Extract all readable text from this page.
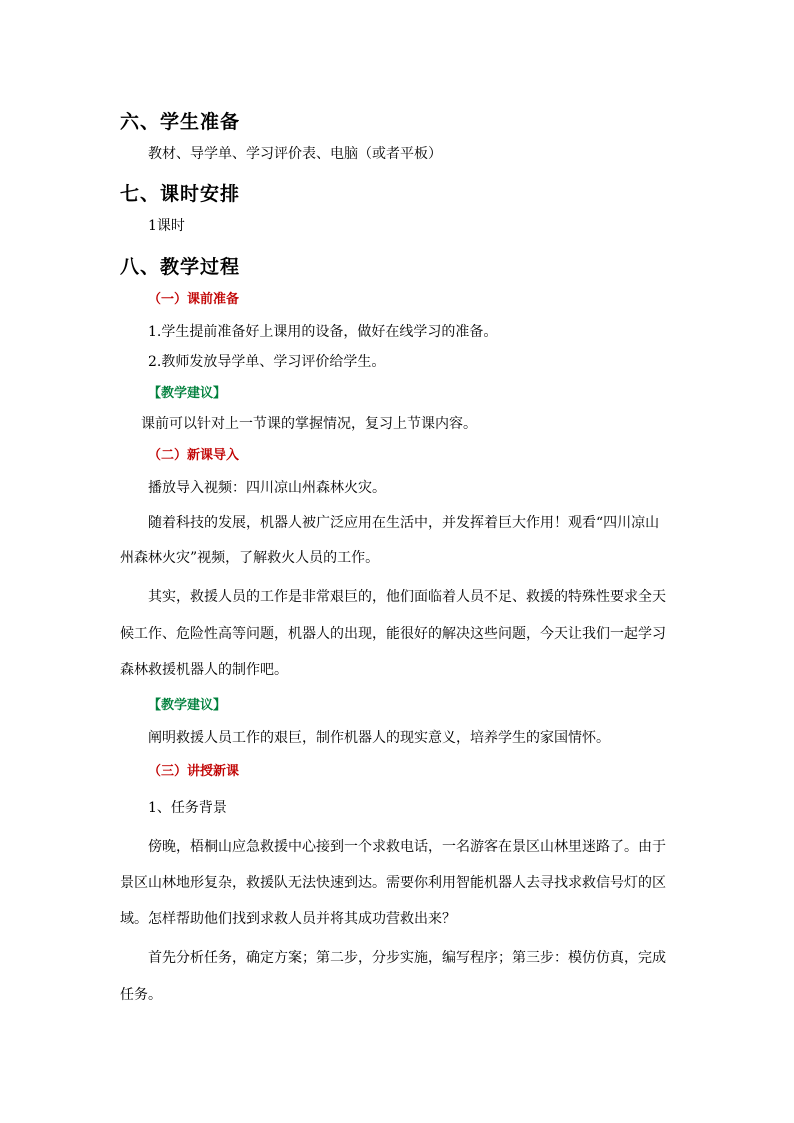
六、学生准备
教材、导学单、学习评价表、电脑（或者平板）
七、课时安排
1课时
八、教学过程
（一）课前准备
1.学生提前准备好上课用的设备，做好在线学习的准备。
2.教师发放导学单、学习评价给学生。
【教学建议】
课前可以针对上一节课的掌握情况，复习上节课内容。
（二）新课导入
播放导入视频：四川凉山州森林火灾。
随着科技的发展，机器人被广泛应用在生活中，并发挥着巨大作用！观看“四川凉山
州森林火灾”视频，了解救火人员的工作。
其实，救援人员的工作是非常艰巨的，他们面临着人员不足、救援的特殊性要求全天
候工作、危险性高等问题，机器人的出现，能很好的解决这些问题，今天让我们一起学习
森林救援机器人的制作吧。
【教学建议】
阐明救援人员工作的艰巨，制作机器人的现实意义，培养学生的家国情怀。
（三）讲授新课
1、任务背景
傍晚，梧桐山应急救援中心接到一个求救电话，一名游客在景区山林里迷路了。由于
景区山林地形复杂，救援队无法快速到达。需要你利用智能机器人去寻找求救信号灯的区
域。怎样帮助他们找到求救人员并将其成功营救出来？
首先分析任务，确定方案；第二步，分步实施，编写程序；第三步：模仿仿真，完成
任务。
